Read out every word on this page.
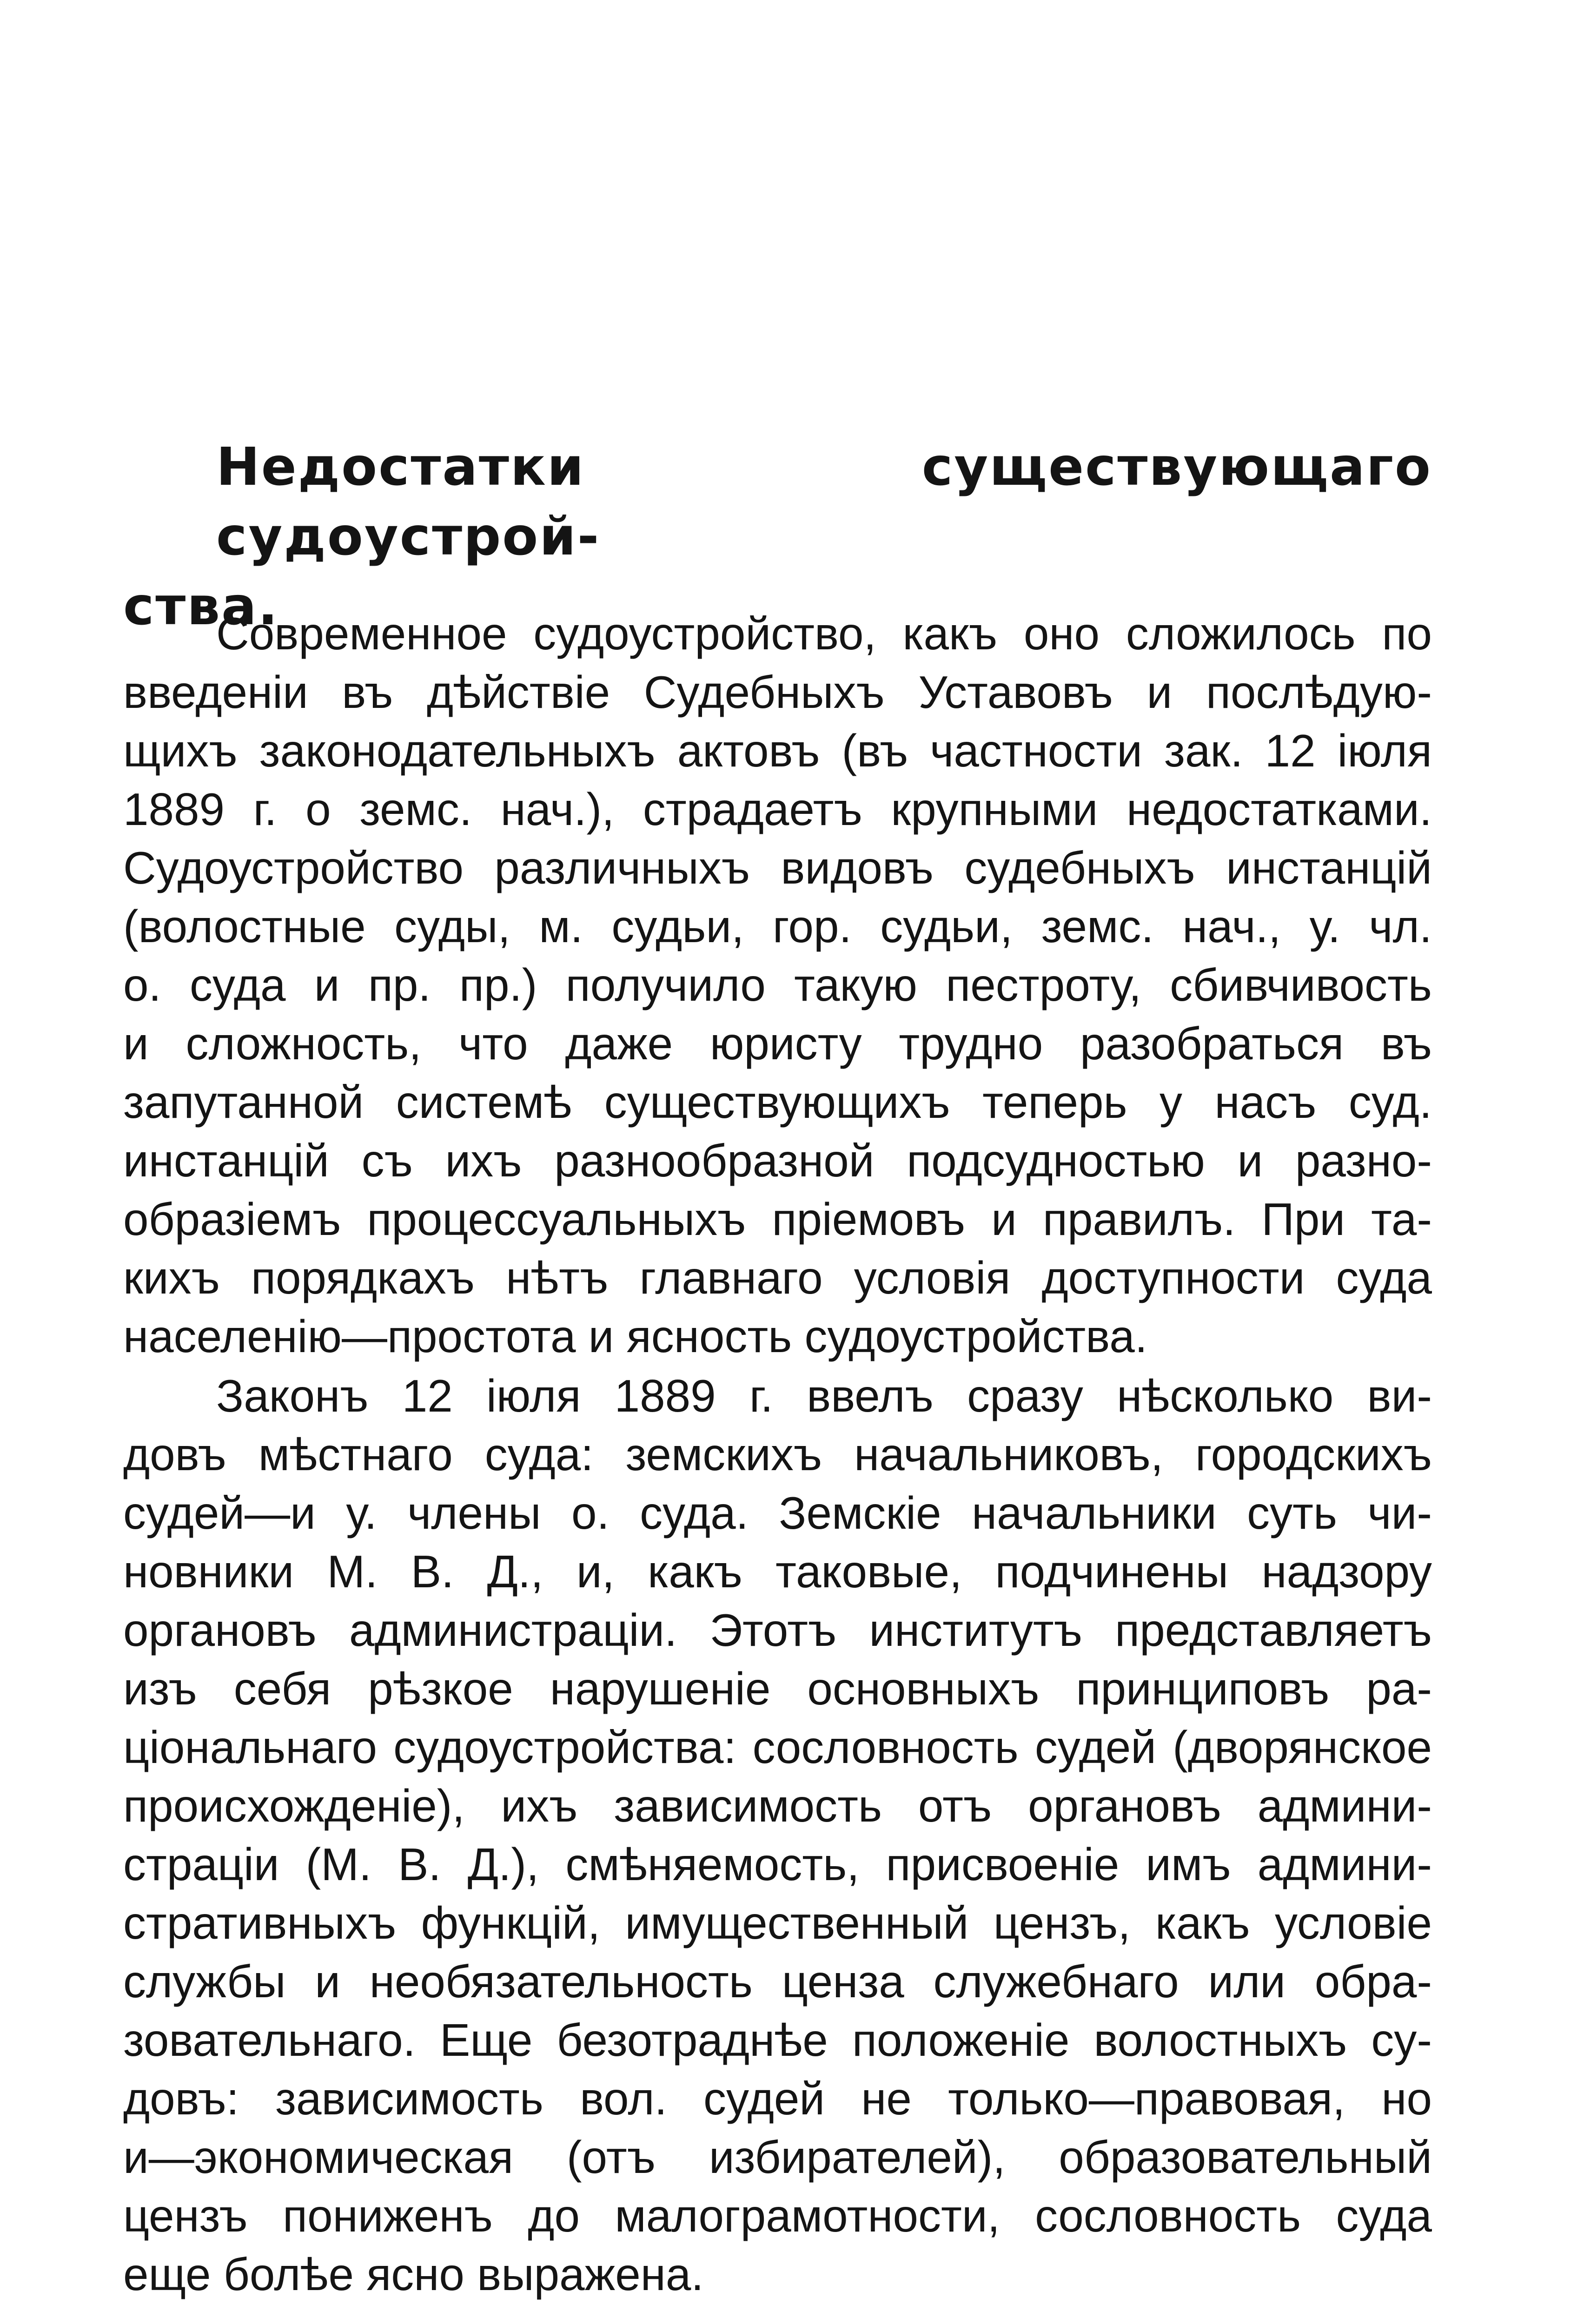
Недостатки существующаго судоустрой-
ства.
Современное судоустройство, какъ оно сложилось по
введенiи въ дѣйствiе Судебныхъ Уставовъ и послѣдую-
щихъ законодательныхъ актовъ (въ частности зак. 12 iюля
1889 г. о земс. нач.), страдаетъ крупными недостатками.
Судоустройство различныхъ видовъ судебныхъ инстанцiй
(волостные суды, м. судьи, гор. судьи, земс. нач., у. чл.
о. суда и пр. пр.) получило такую пестроту, сбивчивость
и сложность, что даже юристу трудно разобраться въ
запутанной системѣ существующихъ теперь у насъ суд.
инстанцiй съ ихъ разнообразной подсудностью и разно-
образiемъ процессуальныхъ прiемовъ и правилъ. При та-
кихъ порядкахъ нѣтъ главнаго условiя доступности суда
населенiю—простота и ясность судоустройства.
Законъ 12 iюля 1889 г. ввелъ сразу нѣсколько ви-
довъ мѣстнаго суда: земскихъ начальниковъ, городскихъ
судей—и у. члены о. суда. Земскiе начальники суть чи-
новники М. В. Д., и, какъ таковые, подчинены надзору
органовъ администрацiи. Этотъ институтъ представляетъ
изъ себя рѣзкое нарушенiе основныхъ принциповъ ра-
цiональнаго судоустройства: сословность судей (дворянское
происхожденiе), ихъ зависимость отъ органовъ админи-
страцiи (М. В. Д.), смѣняемость, присвоенiе имъ админи-
стративныхъ функцiй, имущественный цензъ, какъ условiе
службы и необязательность ценза служебнаго или обра-
зовательнаго. Еще безотраднѣе положенiе волостныхъ су-
довъ: зависимость вол. судей не только—правовая, но
и—экономическая (отъ избирателей), образовательный
цензъ пониженъ до малограмотности, сословность суда
еще болѣе ясно выражена.
